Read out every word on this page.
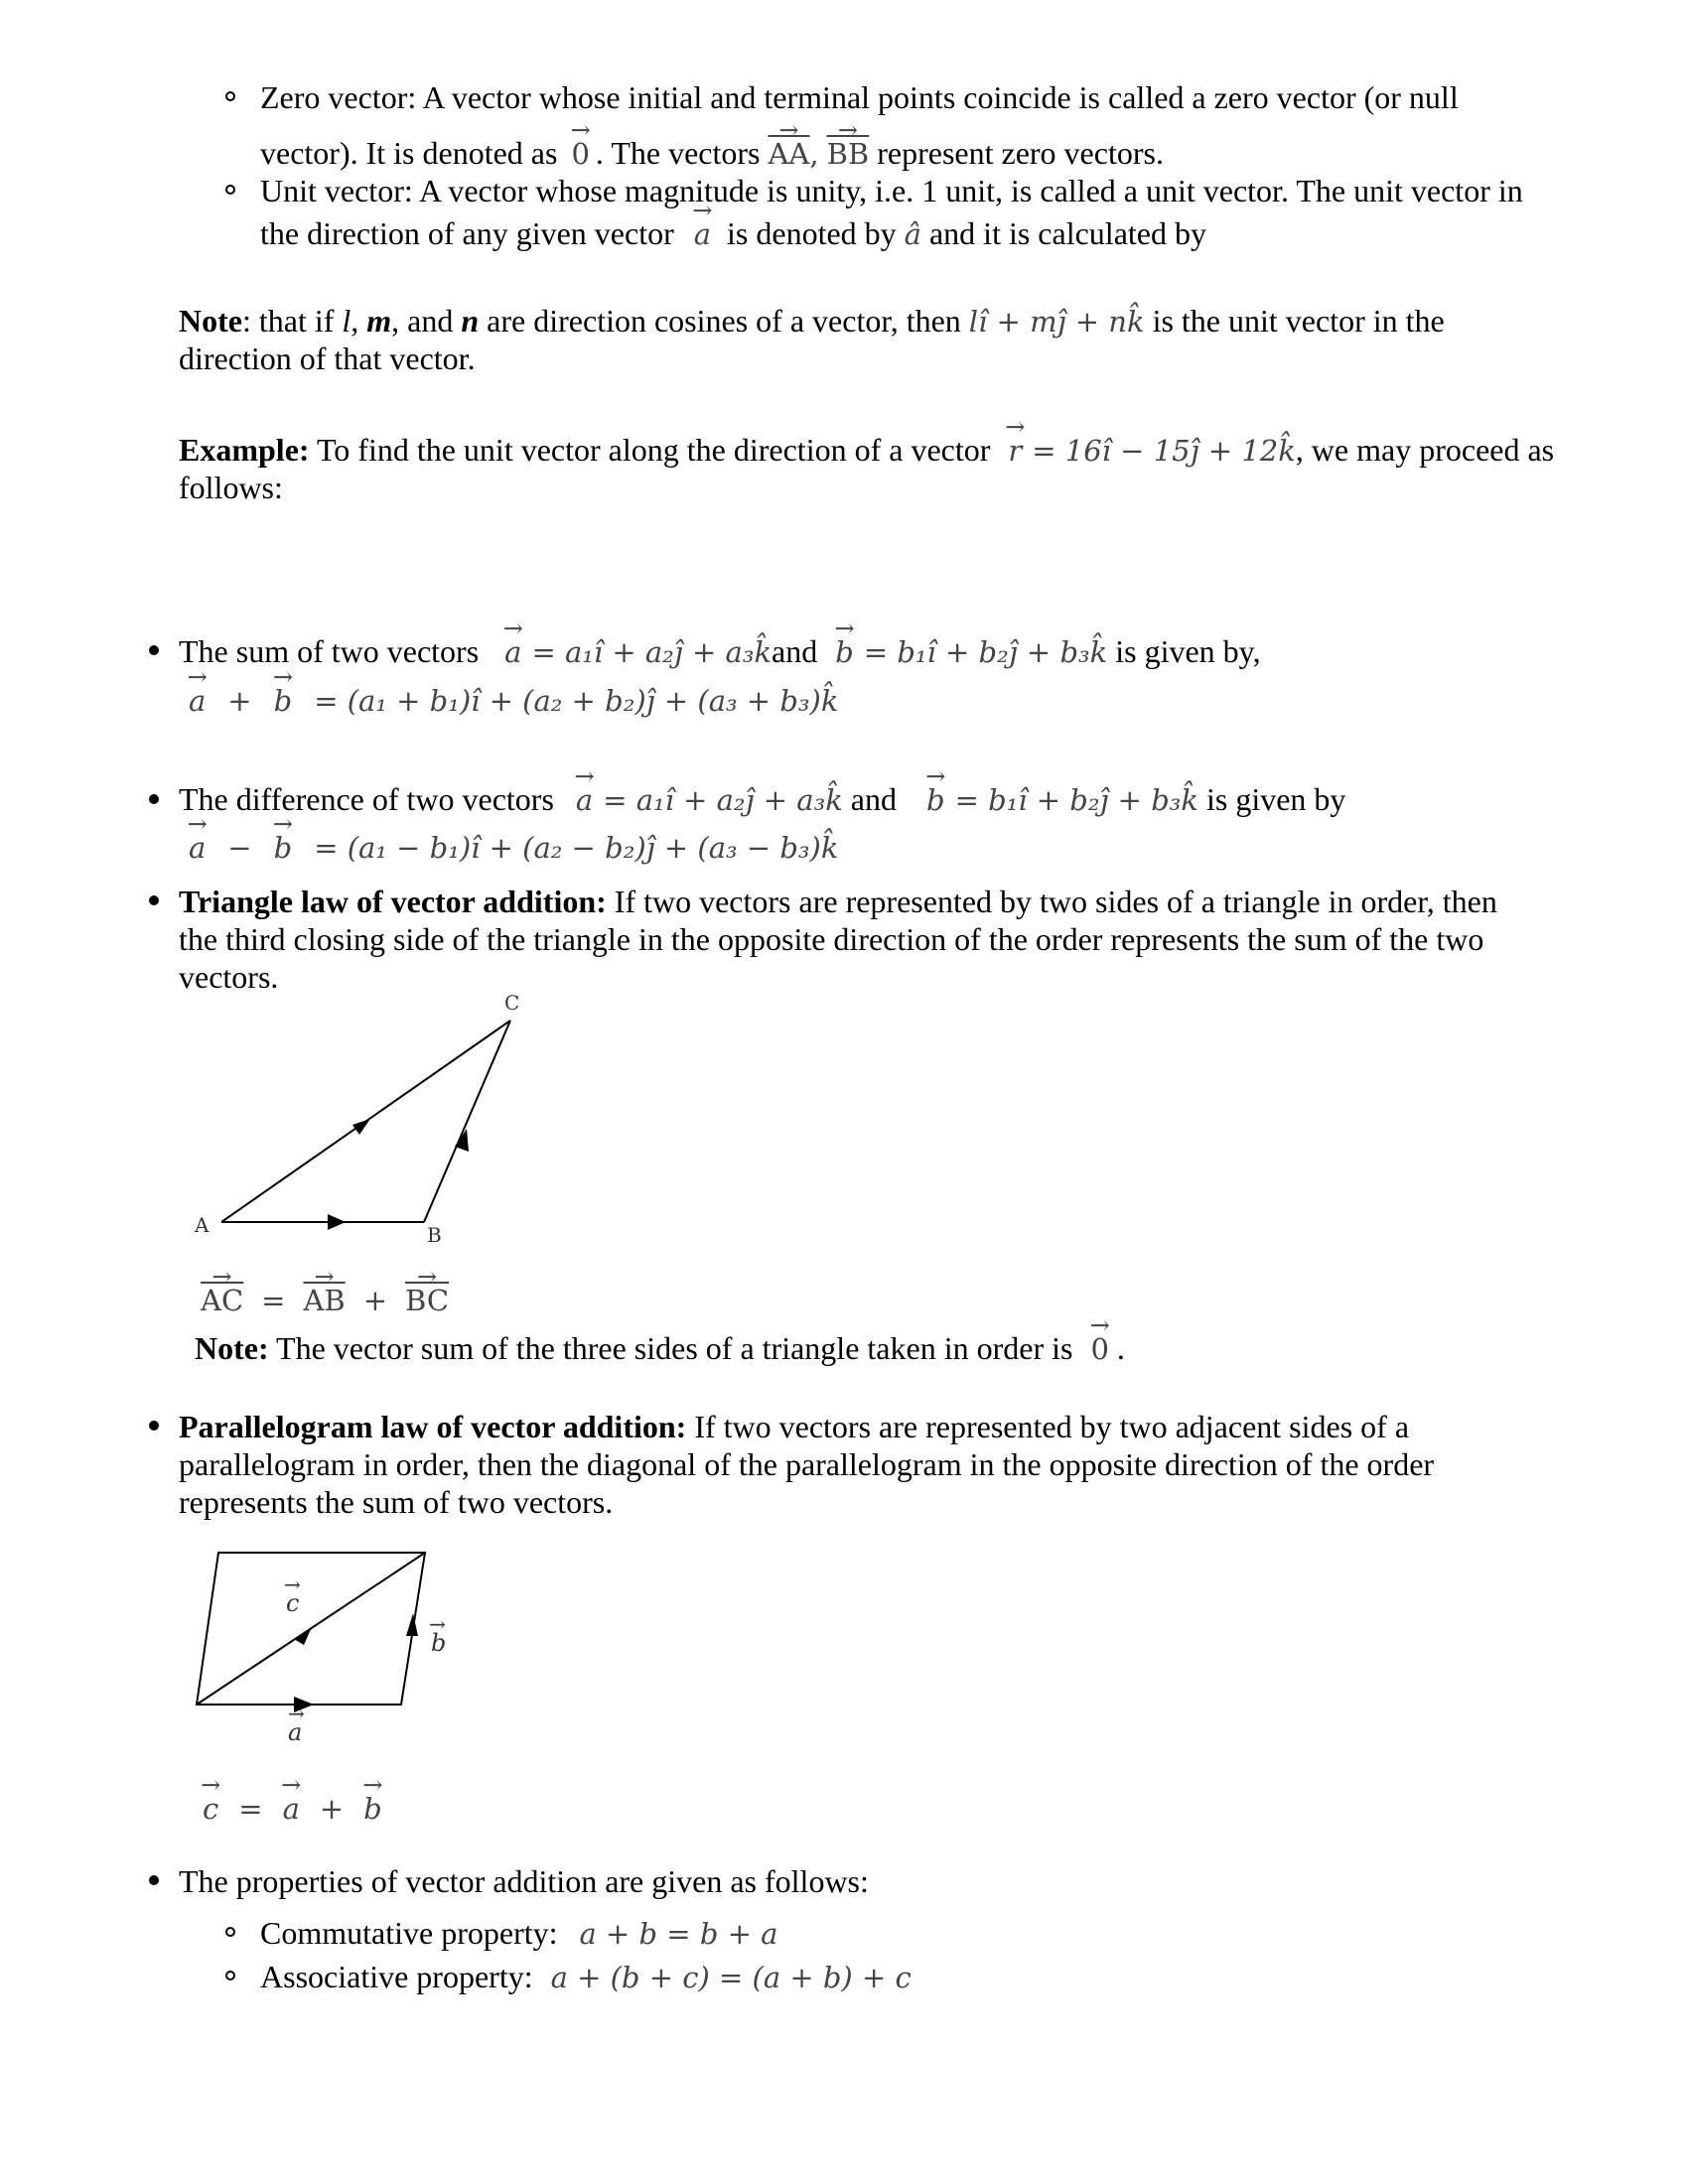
Zero vector: A vector whose initial and terminal points coincide is called a zero vector (or null
vector). It is denoted as → 0 . The vectors → $\overline{AA}$, → $\overline{BB}$ represent zero vectors.
Unit vector: A vector whose magnitude is unity, i.e. 1 unit, is called a unit vector. The unit vector in
the direction of any given vector → a is denoted by â and it is calculated by
Note: that if l, m, and n are direction cosines of a vector, then lî + mĵ + nk̂ is the unit vector in the
direction of that vector.
Example: To find the unit vector along the direction of a vector → r = 16î − 15ĵ + 12k̂, we may proceed as
follows:
The sum of two vectors → a = a₁î + a₂ĵ + a₃k̂and → b = b₁î + b₂ĵ + b₃k̂ is given by,
→ a + → b = (a₁ + b₁)î + (a₂ + b₂)ĵ + (a₃ + b₃)k̂
The difference of two vectors → a = a₁î + a₂ĵ + a₃k̂ and → b = b₁î + b₂ĵ + b₃k̂ is given by
→ a − → b = (a₁ − b₁)î + (a₂ − b₂)ĵ + (a₃ − b₃)k̂
Triangle law of vector addition: If two vectors are represented by two sides of a triangle in order, then
the third closing side of the triangle in the opposite direction of the order represents the sum of the two
vectors.
A	B
C
→ $\overline{AC}$ = → $\overline{AB}$ + → $\overline{BC}$
Note: The vector sum of the three sides of a triangle taken in order is → 0 .
Parallelogram law of vector addition: If two vectors are represented by two adjacent sides of a
parallelogram in order, then the diagonal of the parallelogram in the opposite direction of the order
represents the sum of two vectors.
a
→
b
→
c
→
→ c = → a + → b
The properties of vector addition are given as follows:
Commutative property: a + b = b + a
Associative property: a + (b + c) = (a + b) + c
